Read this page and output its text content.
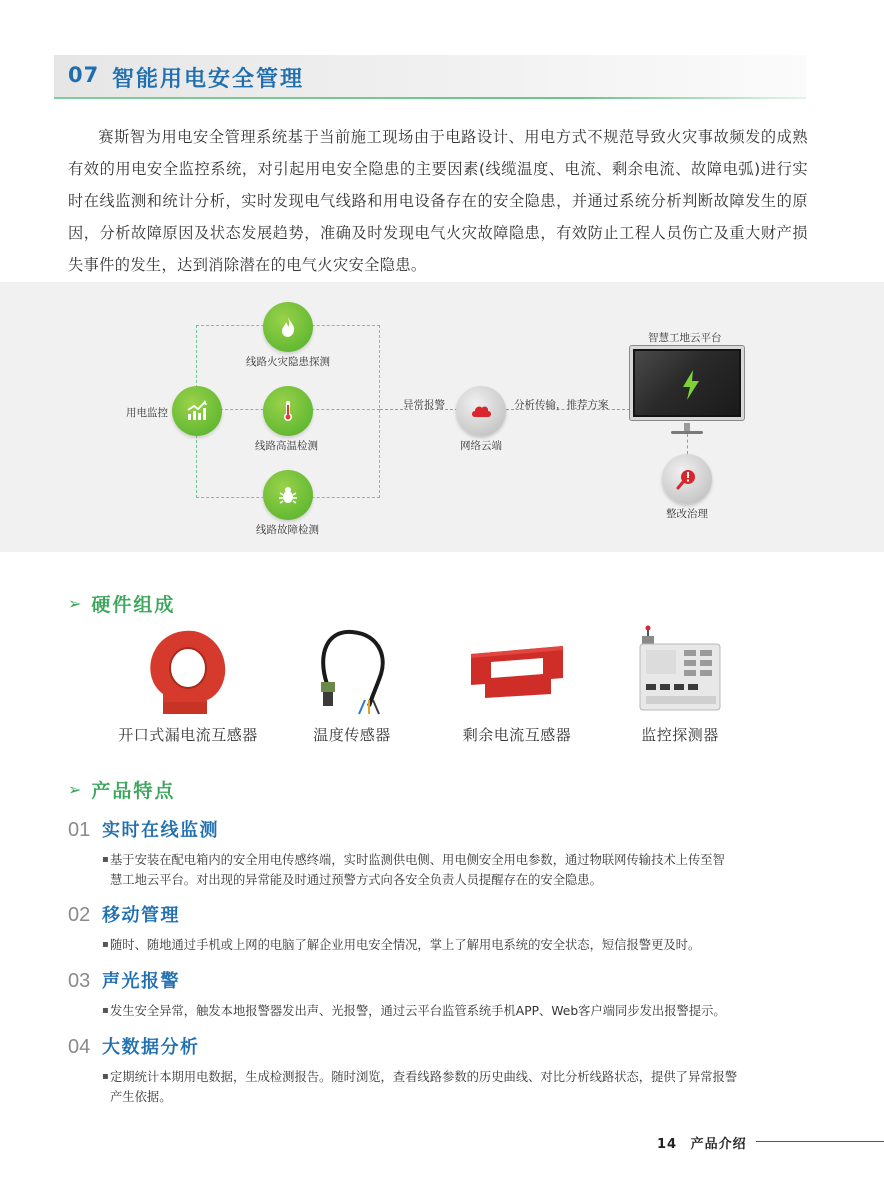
07 智能用电安全管理

赛斯智为用电安全管理系统基于当前施工现场由于电路设计、用电方式不规范导致火灾事故频发的成熟有效的用电安全监控系统，对引起用电安全隐患的主要因素(线缆温度、电流、剩余电流、故障电弧)进行实时在线监测和统计分析，实时发现电气线路和用电设备存在的安全隐患，并通过系统分析判断故障发生的原因，分析故障原因及状态发展趋势，准确及时发现电气火灾故障隐患，有效防止工程人员伤亡及重大财产损失事件的发生，达到消除潜在的电气火灾安全隐患。

用电监控
线路火灾隐患探测
线路高温检测
线路故障检测
异常报警
网络云端
分析传输，推荐方案
智慧工地云平台
整改治理
➢ 硬件组成
开口式漏电流互感器	温度传感器	剩余电流互感器	监控探测器
➢ 产品特点
01 实时在线监测
▪ 基于安装在配电箱内的安全用电传感终端，实时监测供电侧、用电侧安全用电参数，通过物联网传输技术上传至智
慧工地云平台。对出现的异常能及时通过预警方式向各安全负责人员提醒存在的安全隐患。
02 移动管理
▪ 随时、随地通过手机或上网的电脑了解企业用电安全情况，掌上了解用电系统的安全状态，短信报警更及时。
03 声光报警
▪ 发生安全异常，触发本地报警器发出声、光报警，通过云平台监管系统手机APP、Web客户端同步发出报警提示。
04 大数据分析
▪ 定期统计本期用电数据，生成检测报告。随时浏览，查看线路参数的历史曲线、对比分析线路状态，提供了异常报警
产生依据。
14 产品介绍
